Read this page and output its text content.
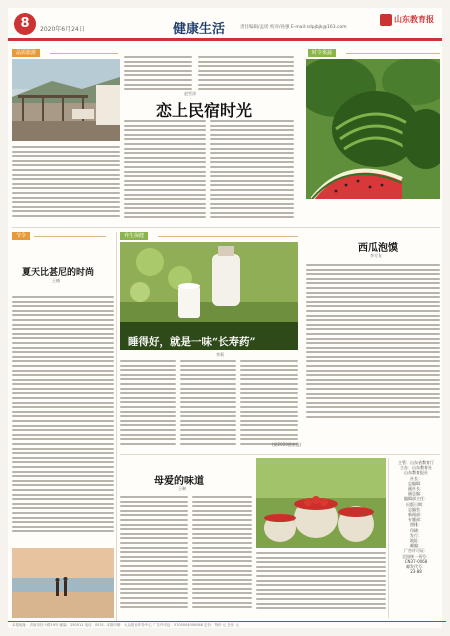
8	2020年6月24日	健康生活	责任编辑/孟瑶 校对/孙强 E-mail:sdpjbjk@163.com
山东教育报
品质旅游
恋上民宿时光
赵雪涛
时令果蔬
西瓜泡馍
李方友
节令
夏天比甚尼的时尚
王楠
养生保健
睡得好，就是一味“长寿药”
李莉
(据2020健康报)
母爱的味道
王琳
主管：山东省教育厅
主办：山东教育社
山东教育报社
社长：
总编辑：
副社长：
副总编：
编辑部主任：
出版日期：
总编室：
新闻部：
专题部：
照排：
印刷：
发行：
地址：
邮编：
广告许可证：
全国统一刊号：
CN37-0068
邮发代号：
23-88
本报地址：济南市经十路19号 邮编：250011 电话：0531- 本报印刷：大众报业印务中心 广告许可证：3700004000068 定价：每份 元 全年 元
